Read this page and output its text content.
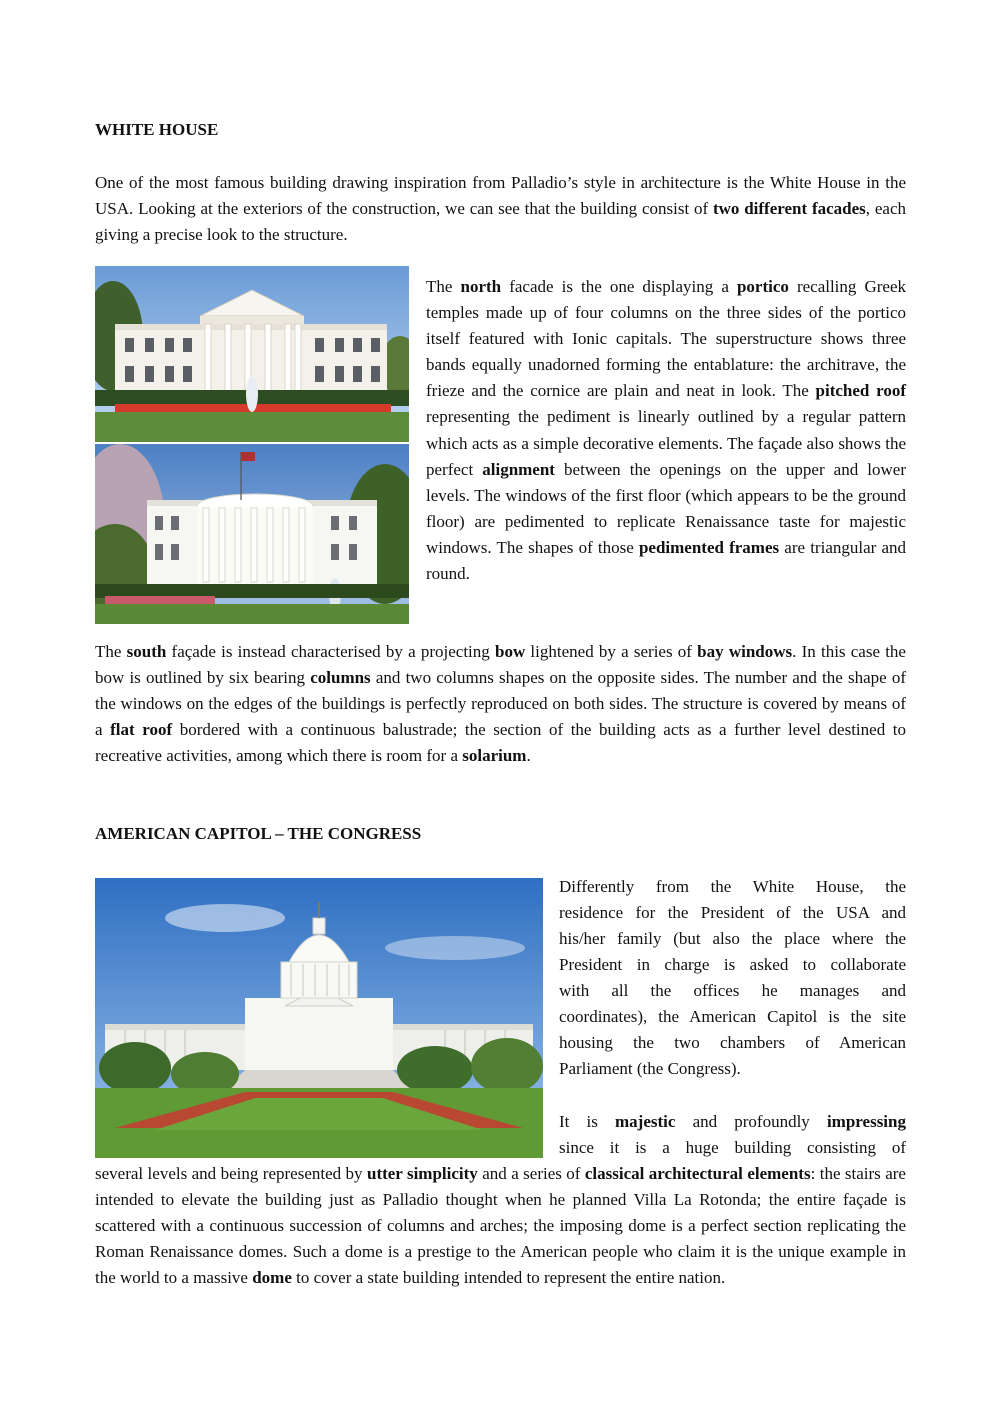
WHITE HOUSE

One of the most famous building drawing inspiration from Palladio’s style in architecture is the White House in the USA. Looking at the exteriors of the construction, we can see that the building consist of two different facades, each giving a precise look to the structure.

The north facade is the one displaying a portico recalling Greek temples made up of four columns on the three sides of the portico itself featured with Ionic capitals. The superstructure shows three bands equally unadorned forming the entablature: the architrave, the frieze and the cornice are plain and neat in look. The pitched roof representing the pediment is linearly outlined by a regular pattern which acts as a simple decorative elements. The façade also shows the perfect alignment between the openings on the upper and lower levels. The windows of the first floor (which appears to be the ground floor) are pedimented to replicate Renaissance taste for majestic windows. The shapes of those pedimented frames are triangular and round.

The south façade is instead characterised by a projecting bow lightened by a series of bay windows. In this case the bow is outlined by six bearing columns and two columns shapes on the opposite sides. The number and the shape of the windows on the edges of the buildings is perfectly reproduced on both sides. The structure is covered by means of a flat roof bordered with a continuous balustrade; the section of the building acts as a further level destined to recreative activities, among which there is room for a solarium.

AMERICAN CAPITOL – THE CONGRESS
Differently from the White House, the
residence for the President of the USA and
his/her family (but also the place where the
President in charge is asked to collaborate
with all the offices he manages and
coordinates), the American Capitol is the site
housing the two chambers of American
Parliament (the Congress).
It is majestic and profoundly impressing
since it is a huge building consisting of

several levels and being represented by utter simplicity and a series of classical architectural elements: the stairs are intended to elevate the building just as Palladio thought when he planned Villa La Rotonda; the entire façade is scattered with a continuous succession of columns and arches; the imposing dome is a perfect section replicating the Roman Renaissance domes. Such a dome is a prestige to the American people who claim it is the unique example in the world to a massive dome to cover a state building intended to represent the entire nation.
